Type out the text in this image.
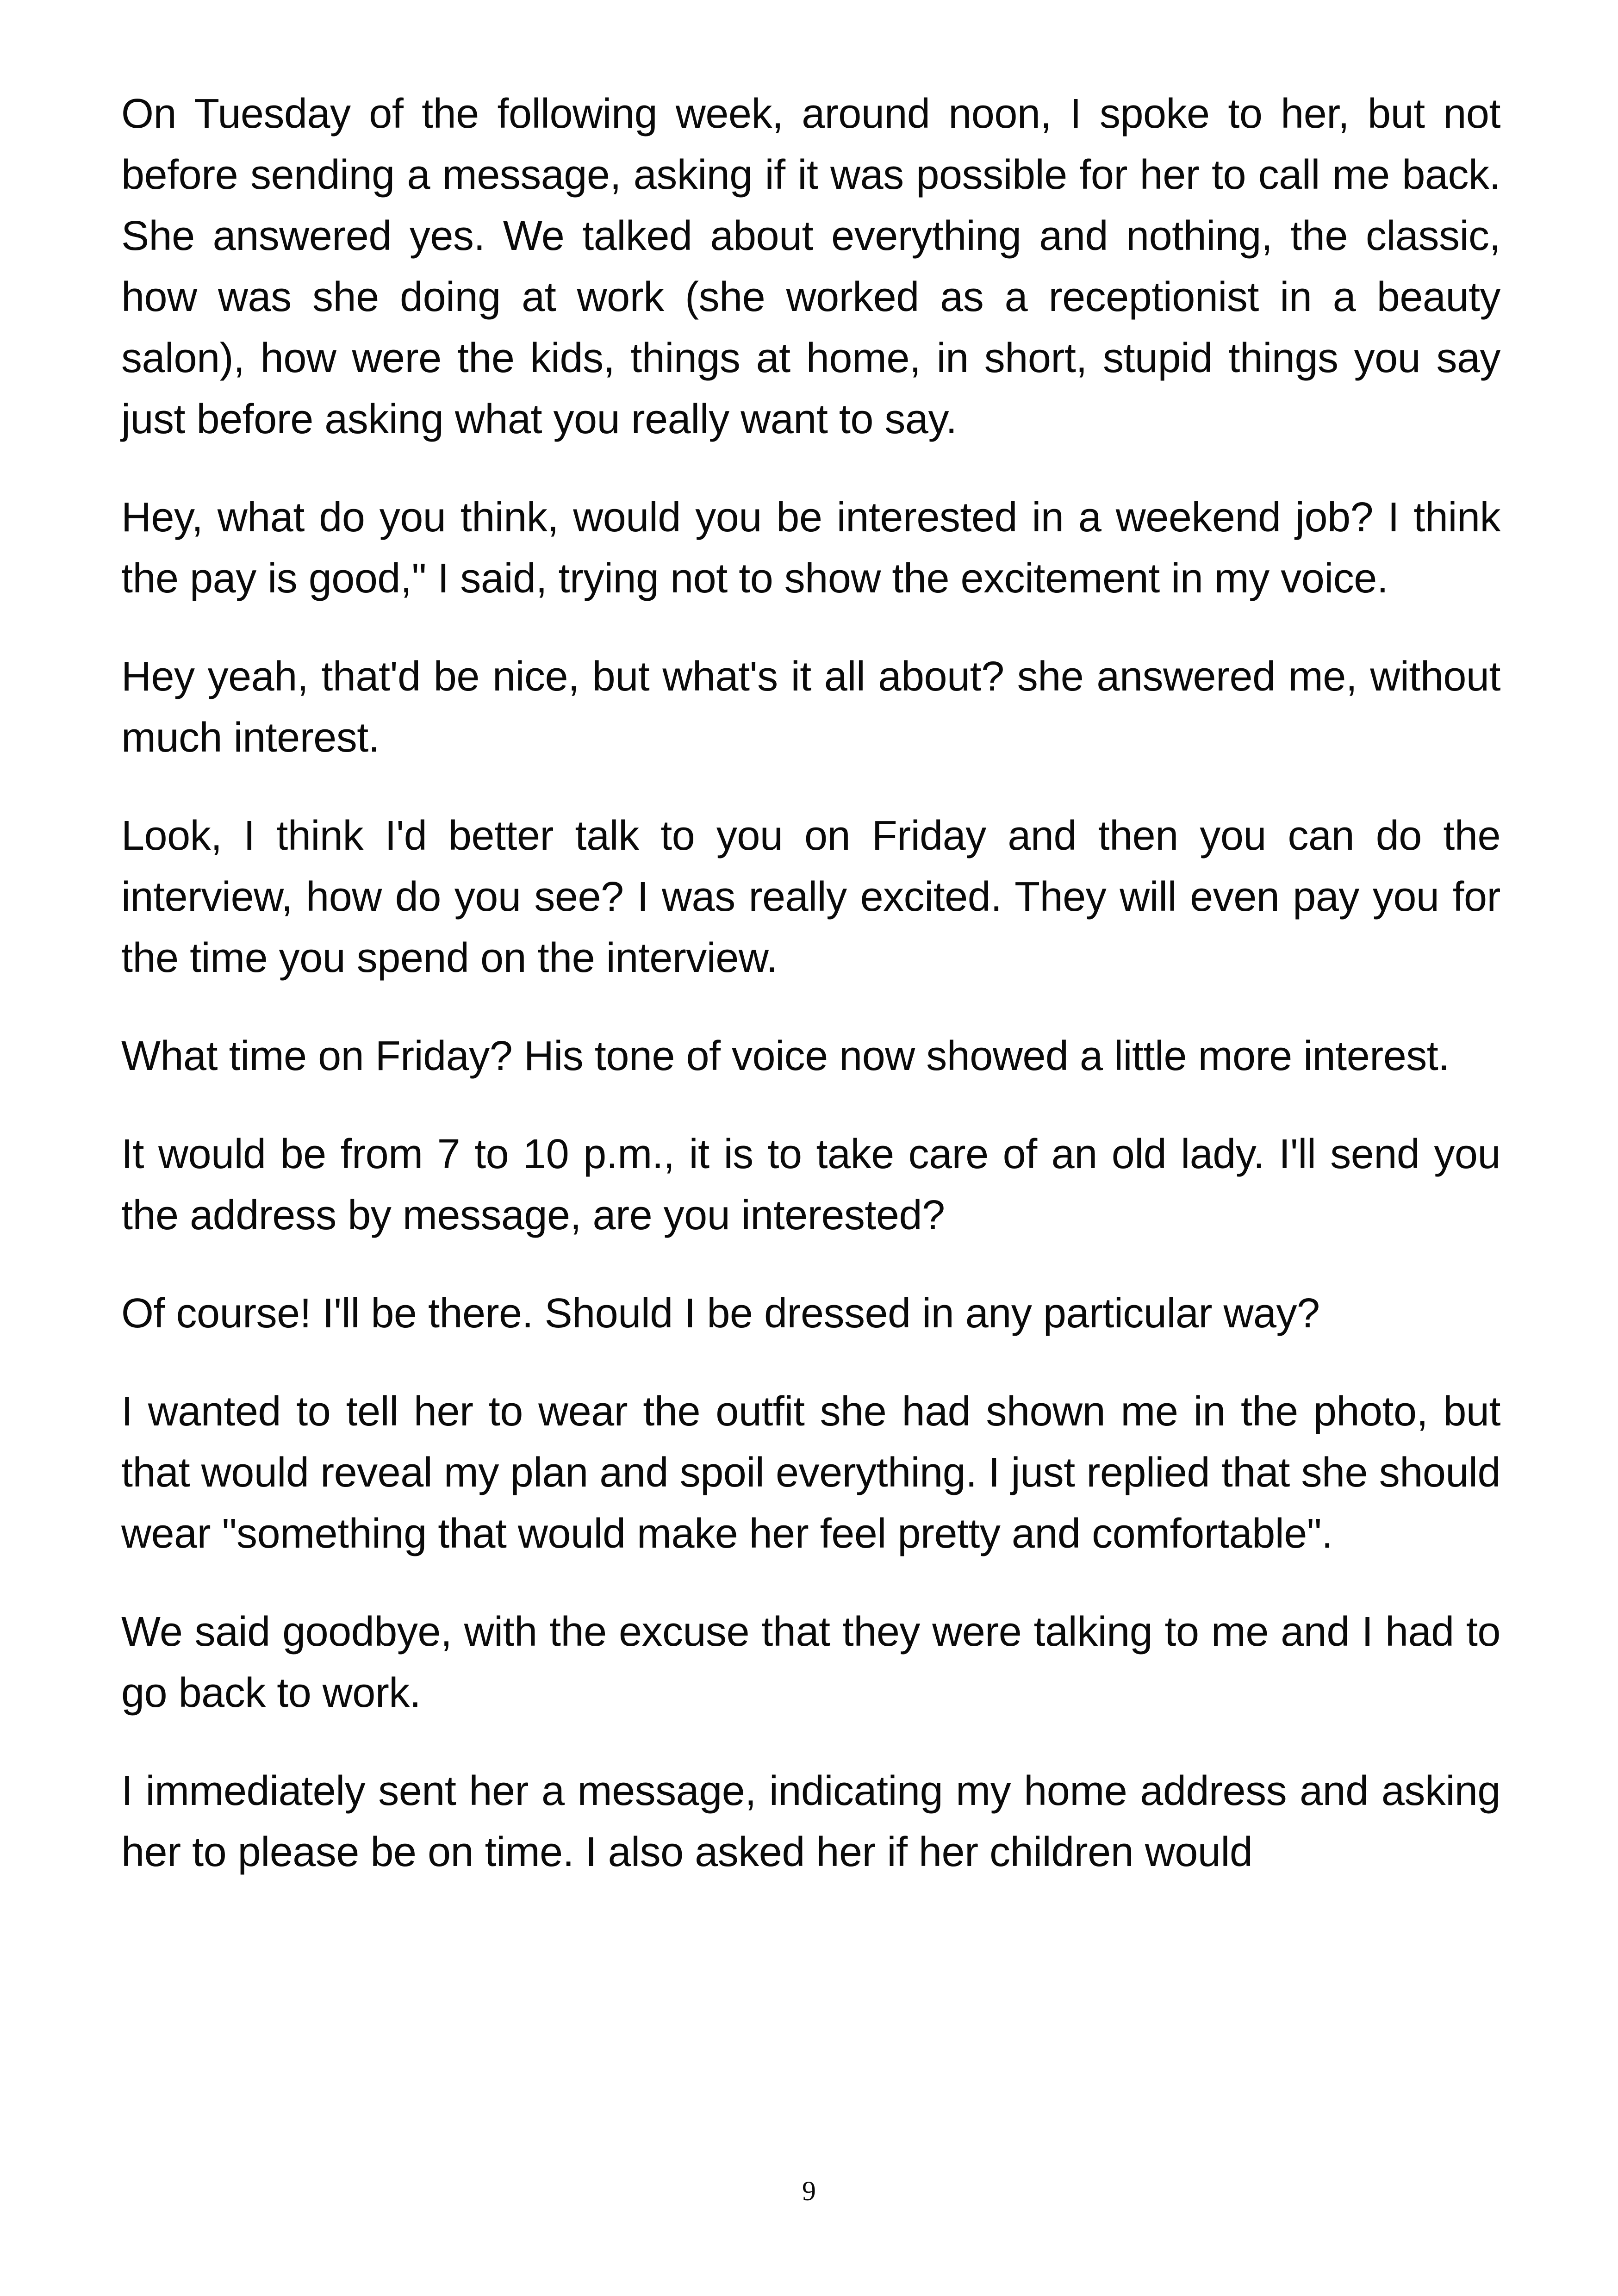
On Tuesday of the following week, around noon, I spoke to her, but not before sending a message, asking if it was possible for her to call me back. She answered yes. We talked about everything and nothing, the classic, how was she doing at work (she worked as a receptionist in a beauty salon), how were the kids, things at home, in short, stupid things you say just before asking what you really want to say.

Hey, what do you think, would you be interested in a weekend job? I think the pay is good," I said, trying not to show the excitement in my voice.

Hey yeah, that'd be nice, but what's it all about? she answered me, without much interest.

Look, I think I'd better talk to you on Friday and then you can do the interview, how do you see? I was really excited. They will even pay you for the time you spend on the interview.

What time on Friday? His tone of voice now showed a little more interest.

It would be from 7 to 10 p.m., it is to take care of an old lady. I'll send you the address by message, are you interested?

Of course! I'll be there. Should I be dressed in any particular way?

I wanted to tell her to wear the outfit she had shown me in the photo, but that would reveal my plan and spoil everything. I just replied that she should wear "something that would make her feel pretty and comfortable".

We said goodbye, with the excuse that they were talking to me and I had to go back to work.

I immediately sent her a message, indicating my home address and asking her to please be on time. I also asked her if her children would

9
